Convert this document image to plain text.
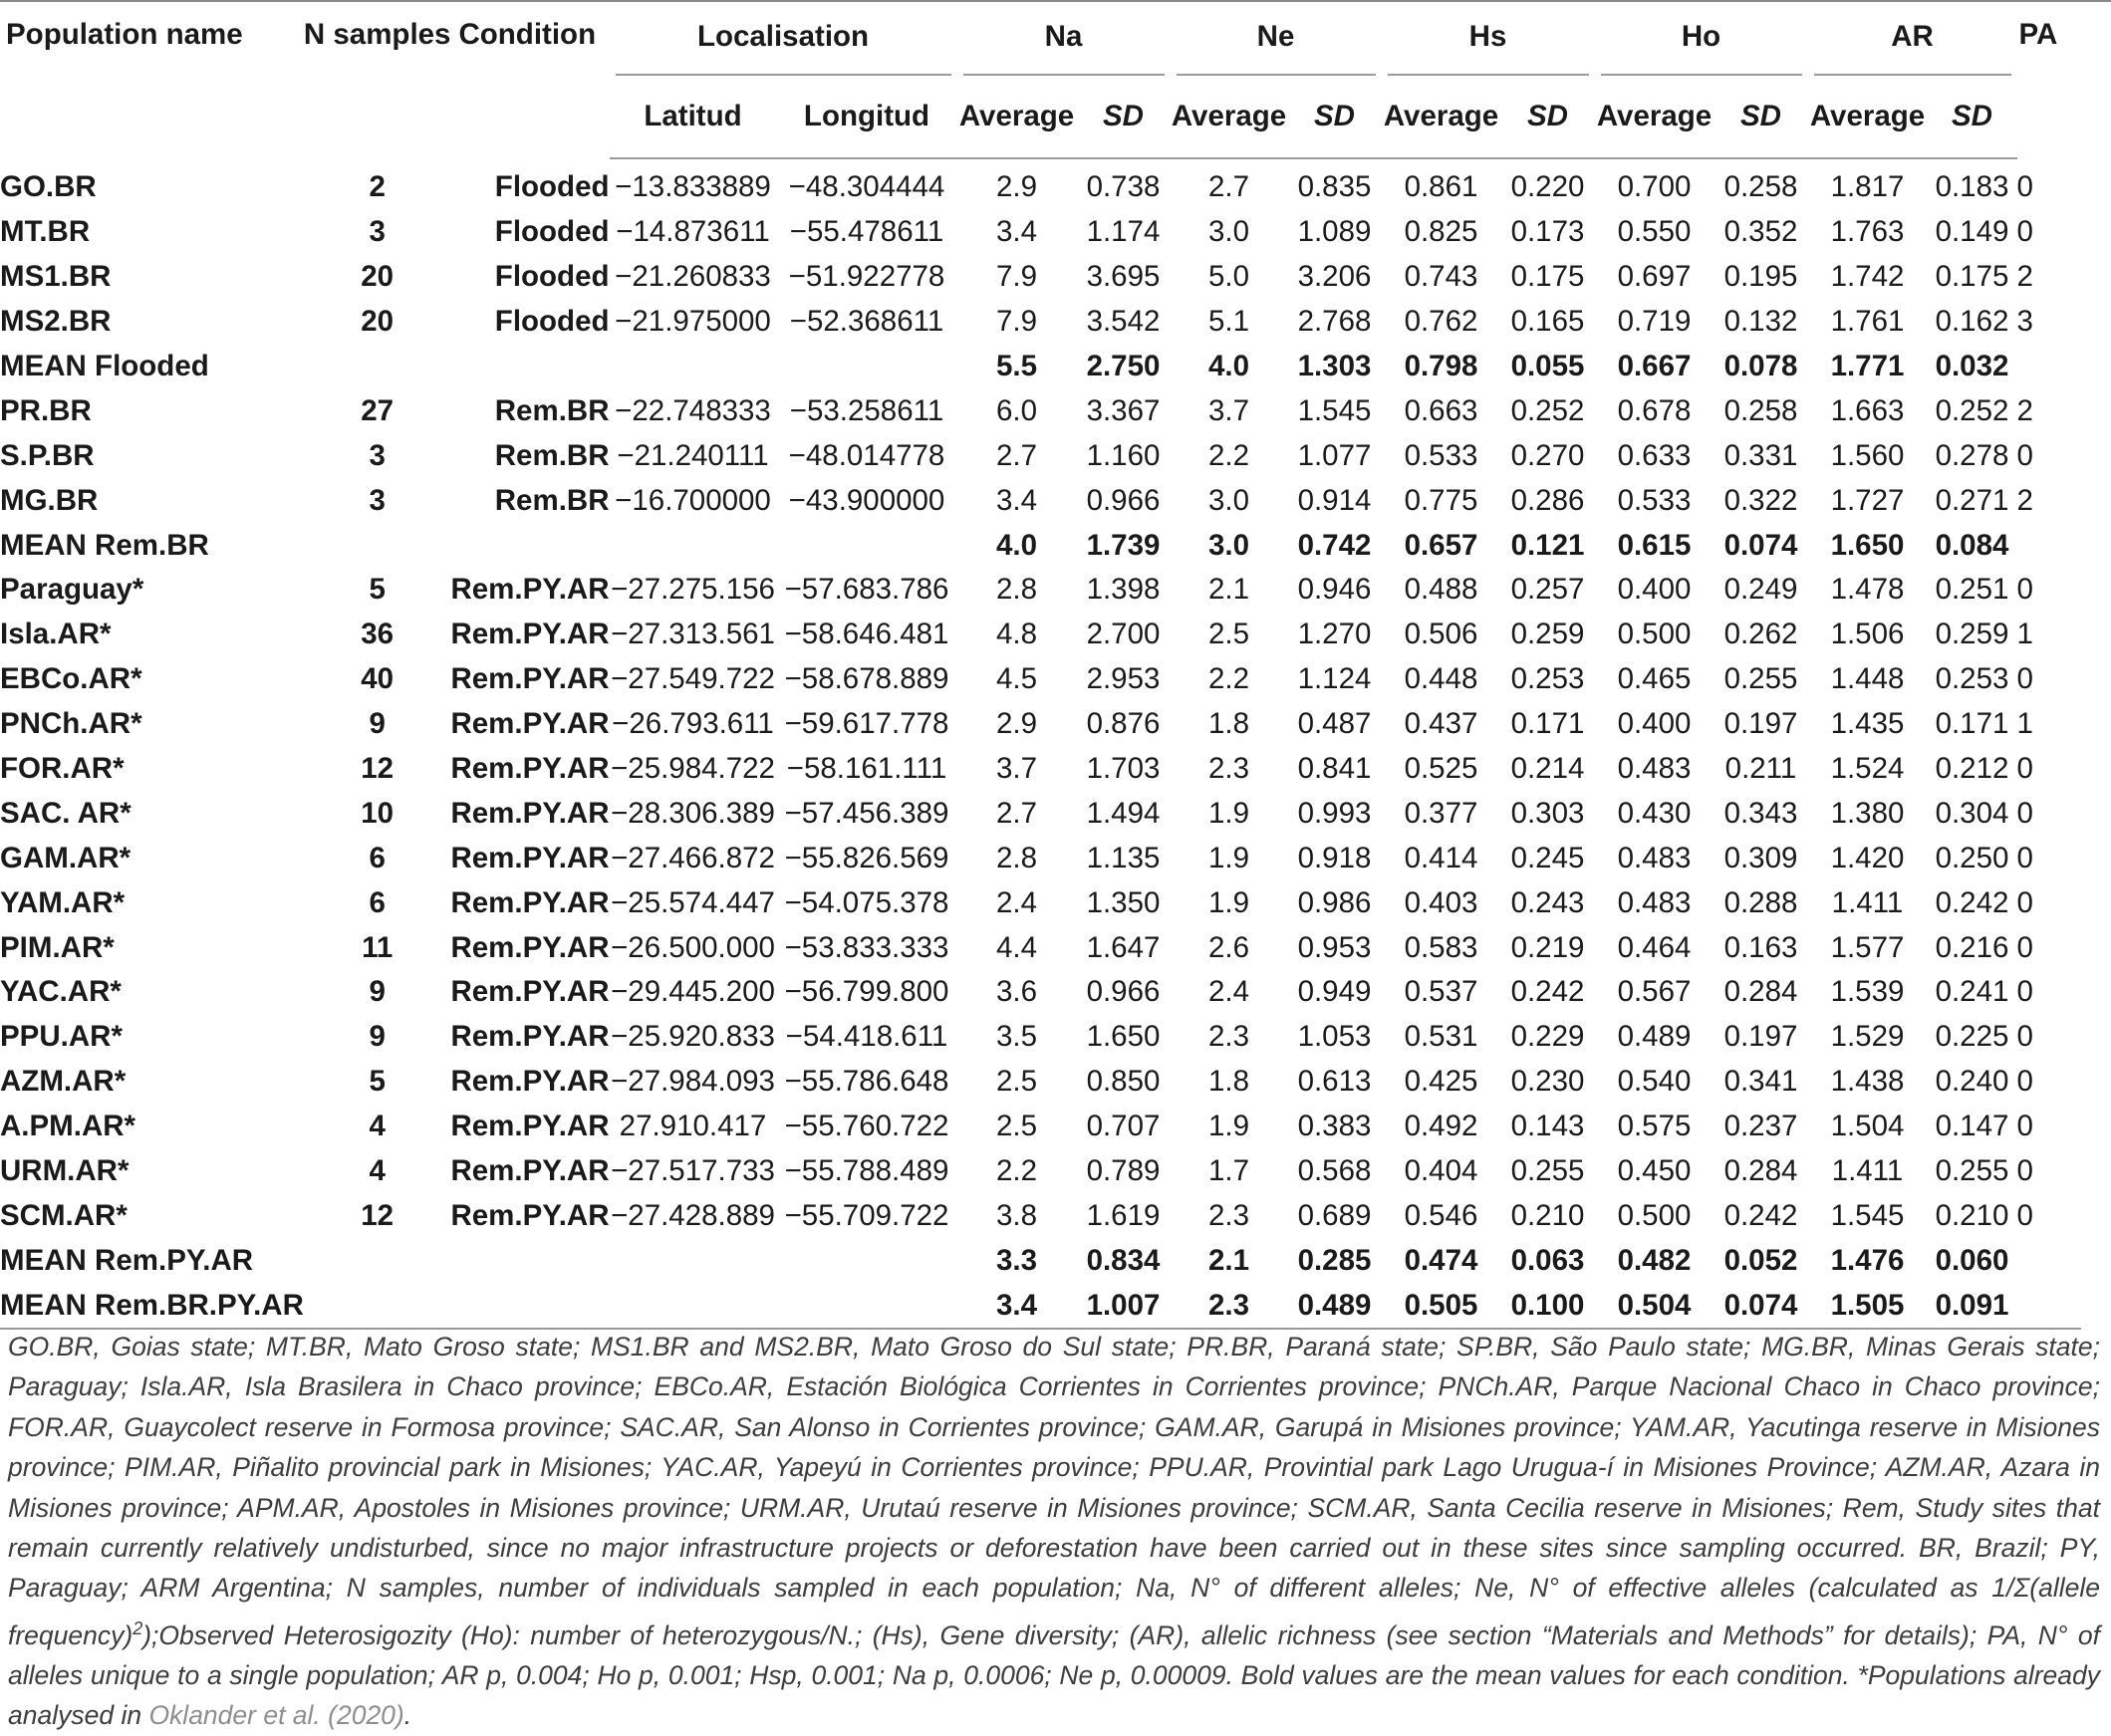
Population name	N samples	Condition	Localisation		Na		Ne		Hs		Ho		AR		PA
			Latitud	Longitud	Average	SD	Average	SD	Average	SD	Average	SD	Average	SD	
GO.BR	2	Flooded	−13.833889	−48.304444	2.9	0.738	2.7	0.835	0.861	0.220	0.700	0.258	1.817	0.183	0
MT.BR	3	Flooded	−14.873611	−55.478611	3.4	1.174	3.0	1.089	0.825	0.173	0.550	0.352	1.763	0.149	0
MS1.BR	20	Flooded	−21.260833	−51.922778	7.9	3.695	5.0	3.206	0.743	0.175	0.697	0.195	1.742	0.175	2
MS2.BR	20	Flooded	−21.975000	−52.368611	7.9	3.542	5.1	2.768	0.762	0.165	0.719	0.132	1.761	0.162	3
MEAN Flooded					5.5	2.750	4.0	1.303	0.798	0.055	0.667	0.078	1.771	0.032	
PR.BR	27	Rem.BR	−22.748333	−53.258611	6.0	3.367	3.7	1.545	0.663	0.252	0.678	0.258	1.663	0.252	2
S.P.BR	3	Rem.BR	−21.240111	−48.014778	2.7	1.160	2.2	1.077	0.533	0.270	0.633	0.331	1.560	0.278	0
MG.BR	3	Rem.BR	−16.700000	−43.900000	3.4	0.966	3.0	0.914	0.775	0.286	0.533	0.322	1.727	0.271	2
MEAN Rem.BR					4.0	1.739	3.0	0.742	0.657	0.121	0.615	0.074	1.650	0.084	
Paraguay*	5	Rem.PY.AR	−27.275.156	−57.683.786	2.8	1.398	2.1	0.946	0.488	0.257	0.400	0.249	1.478	0.251	0
Isla.AR*	36	Rem.PY.AR	−27.313.561	−58.646.481	4.8	2.700	2.5	1.270	0.506	0.259	0.500	0.262	1.506	0.259	1
EBCo.AR*	40	Rem.PY.AR	−27.549.722	−58.678.889	4.5	2.953	2.2	1.124	0.448	0.253	0.465	0.255	1.448	0.253	0
PNCh.AR*	9	Rem.PY.AR	−26.793.611	−59.617.778	2.9	0.876	1.8	0.487	0.437	0.171	0.400	0.197	1.435	0.171	1
FOR.AR*	12	Rem.PY.AR	−25.984.722	−58.161.111	3.7	1.703	2.3	0.841	0.525	0.214	0.483	0.211	1.524	0.212	0
SAC. AR*	10	Rem.PY.AR	−28.306.389	−57.456.389	2.7	1.494	1.9	0.993	0.377	0.303	0.430	0.343	1.380	0.304	0
GAM.AR*	6	Rem.PY.AR	−27.466.872	−55.826.569	2.8	1.135	1.9	0.918	0.414	0.245	0.483	0.309	1.420	0.250	0
YAM.AR*	6	Rem.PY.AR	−25.574.447	−54.075.378	2.4	1.350	1.9	0.986	0.403	0.243	0.483	0.288	1.411	0.242	0
PIM.AR*	11	Rem.PY.AR	−26.500.000	−53.833.333	4.4	1.647	2.6	0.953	0.583	0.219	0.464	0.163	1.577	0.216	0
YAC.AR*	9	Rem.PY.AR	−29.445.200	−56.799.800	3.6	0.966	2.4	0.949	0.537	0.242	0.567	0.284	1.539	0.241	0
PPU.AR*	9	Rem.PY.AR	−25.920.833	−54.418.611	3.5	1.650	2.3	1.053	0.531	0.229	0.489	0.197	1.529	0.225	0
AZM.AR*	5	Rem.PY.AR	−27.984.093	−55.786.648	2.5	0.850	1.8	0.613	0.425	0.230	0.540	0.341	1.438	0.240	0
A.PM.AR*	4	Rem.PY.AR	27.910.417	−55.760.722	2.5	0.707	1.9	0.383	0.492	0.143	0.575	0.237	1.504	0.147	0
URM.AR*	4	Rem.PY.AR	−27.517.733	−55.788.489	2.2	0.789	1.7	0.568	0.404	0.255	0.450	0.284	1.411	0.255	0
SCM.AR*	12	Rem.PY.AR	−27.428.889	−55.709.722	3.8	1.619	2.3	0.689	0.546	0.210	0.500	0.242	1.545	0.210	0
MEAN Rem.PY.AR					3.3	0.834	2.1	0.285	0.474	0.063	0.482	0.052	1.476	0.060	
MEAN Rem.BR.PY.AR					3.4	1.007	2.3	0.489	0.505	0.100	0.504	0.074	1.505	0.091	
GO.BR, Goias state; MT.BR, Mato Groso state; MS1.BR and MS2.BR, Mato Groso do Sul state; PR.BR, Paraná state; SP.BR, São Paulo state; MG.BR, Minas Gerais state; Paraguay; Isla.AR, Isla Brasilera in Chaco province; EBCo.AR, Estación Biológica Corrientes in Corrientes province; PNCh.AR, Parque Nacional Chaco in Chaco province; FOR.AR, Guaycolect reserve in Formosa province; SAC.AR, San Alonso in Corrientes province; GAM.AR, Garupá in Misiones province; YAM.AR, Yacutinga reserve in Misiones province; PIM.AR, Piñalito provincial park in Misiones; YAC.AR, Yapeyú in Corrientes province; PPU.AR, Provintial park Lago Urugua-í in Misiones Province; AZM.AR, Azara in Misiones province; APM.AR, Apostoles in Misiones province; URM.AR, Urutaú reserve in Misiones province; SCM.AR, Santa Cecilia reserve in Misiones; Rem, Study sites that remain currently relatively undisturbed, since no major infrastructure projects or deforestation have been carried out in these sites since sampling occurred. BR, Brazil; PY, Paraguay; ARM Argentina; N samples, number of individuals sampled in each population; Na, N° of different alleles; Ne, N° of effective alleles (calculated as 1/Σ(allele frequency)$^2$);Observed Heterosigozity (Ho): number of heterozygous/N.; (Hs), Gene diversity; (AR), allelic richness (see section “Materials and Methods” for details); PA, N° of alleles unique to a single population; AR p, 0.004; Ho p, 0.001; Hsp, 0.001; Na p, 0.0006; Ne p, 0.00009. Bold values are the mean values for each condition. *Populations already analysed in Oklander et al. (2020).
